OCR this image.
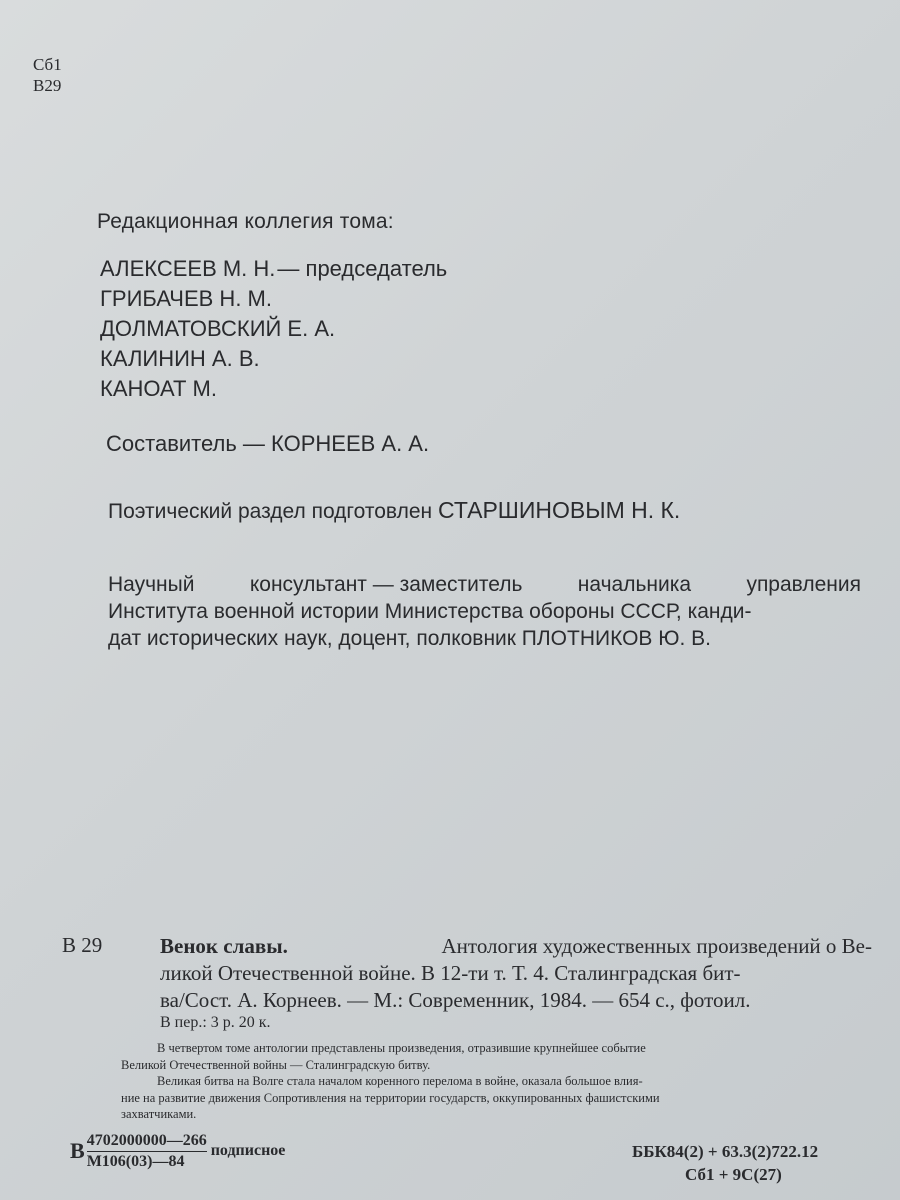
Сб1
В29
Редакционная коллегия тома:
АЛЕКСЕЕВ М. Н.— председатель
ГРИБАЧЕВ Н. М.
ДОЛМАТОВСКИЙ Е. А.
КАЛИНИН А. В.
КАНОАТ М.
Составитель — КОРНЕЕВ А. А.
Поэтический раздел подготовлен СТАРШИНОВЫМ Н. К.
Научный	консультант — заместитель	начальника	управления
Института военной истории Министерства обороны СССР, канди-
дат исторических наук, доцент, полковник ПЛОТНИКОВ Ю. В.
В 29	Венок славы.	Антология художественных произведений о Ве-
ликой Отечественной войне. В 12-ти т. Т. 4. Сталинградская бит-
ва/Сост. А. Корнеев. — М.: Современник, 1984. — 654 с., фотоил.
В пер.: 3 р. 20 к.
В четвертом томе антологии представлены произведения, отразившие крупнейшее событие
Великой Отечественной войны — Сталинградскую битву.
Великая битва на Волге стала началом коренного перелома в войне, оказала большое влия-
ние на развитие движения Сопротивления на территории государств, оккупированных фашистскими
захватчиками.
В $\frac{4702000000—266}{М106(03)—84}$ подписное	ББК84(2) + 63.3(2)722.12
Сб1 + 9С(27)
